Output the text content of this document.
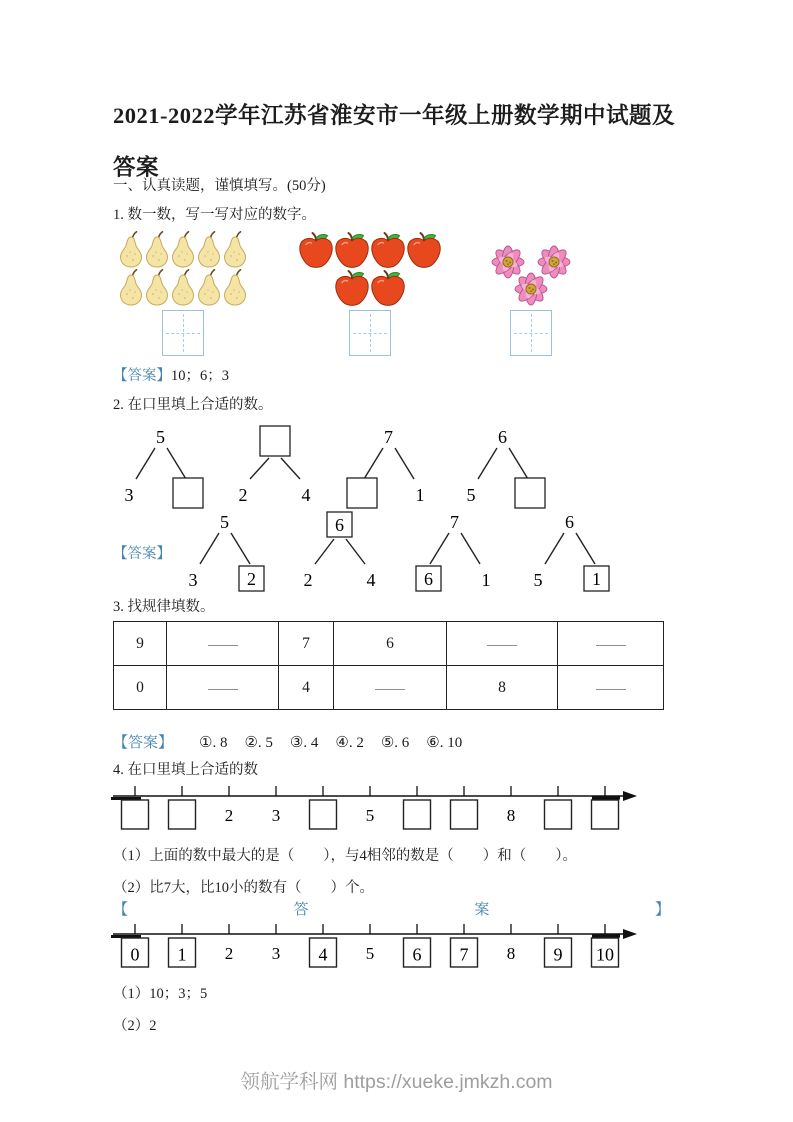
2021-2022学年江苏省淮安市一年级上册数学期中试题及答案
一、认真读题，谨慎填写。(50分)
1. 数一数，写一写对应的数字。
【答案】10；6；3
2. 在口里填上合适的数。
5
3	2	4
7
1
6
5
【答案】
5
3	2
6
2	4
7
6	1
6
5	1
3. 找规律填数。
9		7	6		
0		4		8	
【答案】 ①. 8 ②. 5 ③. 4 ④. 2 ⑤. 6 ⑥. 10
4. 在口里填上合适的数
2 3	5	8
（1）上面的数中最大的是（　　），与4相邻的数是（　　）和（　　）。
（2）比7大，比10小的数有（　　）个。
【	答	案	】
0 1 2 3 4 5 6 7 8 9 10
（1）10；3；5
（2）2
领航学科网 https://xueke.jmkzh.com
